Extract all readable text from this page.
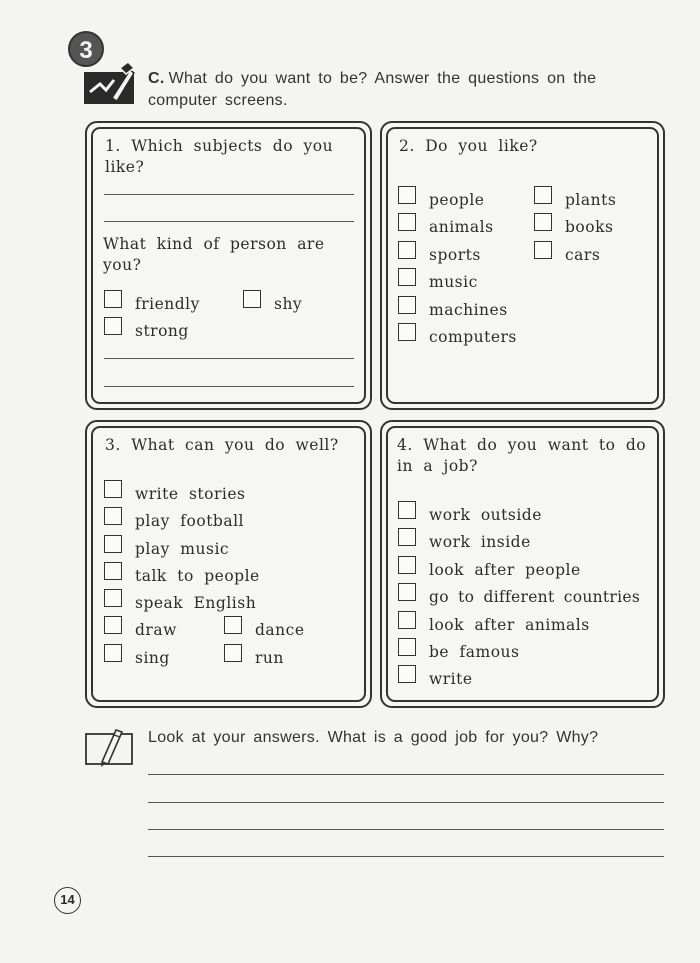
3
C. What do you want to be? Answer the questions on the computer screens.
1. Which subjects do you like?
What kind of person are you?
friendly	shy
strong
2. Do you like?
people
animals
sports
music
machines
computers
plants
books
cars
3. What can you do well?
write stories
play football
play music
talk to people
speak English
draw
sing
dance
run
4. What do you want to do in a job?
work outside
work inside
look after people
go to different countries
look after animals
be famous
write
Look at your answers. What is a good job for you? Why?
14
